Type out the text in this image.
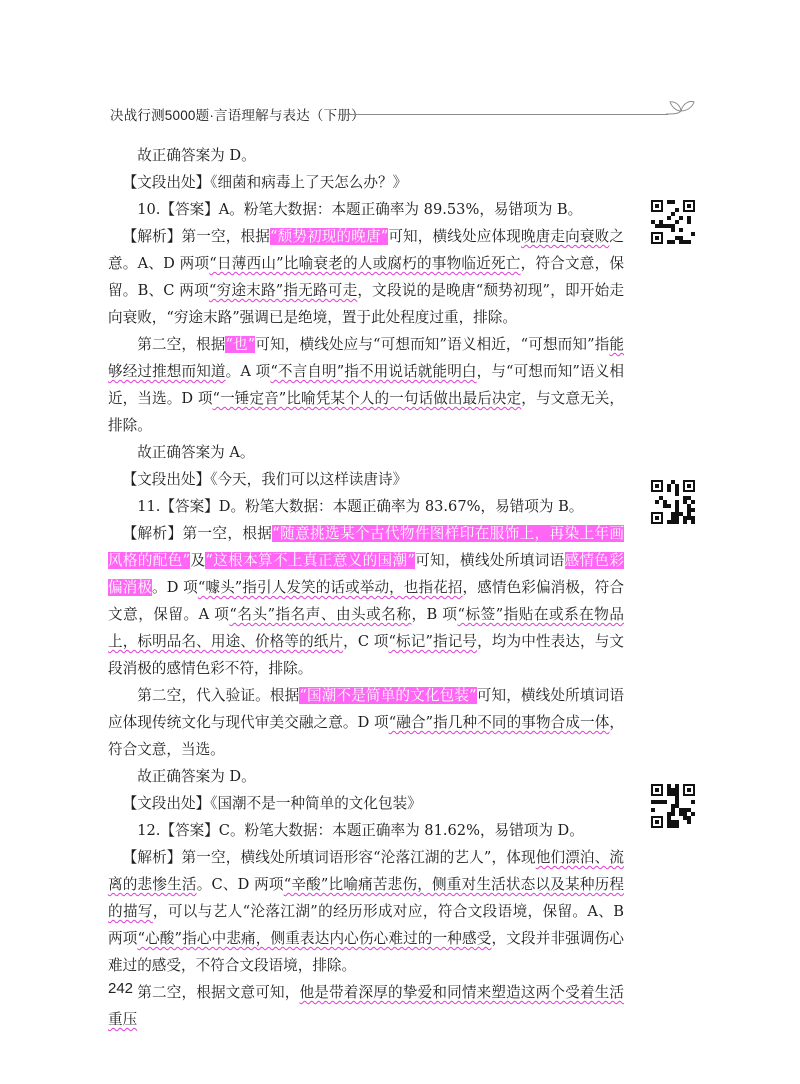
决战行测5000题·言语理解与表达（下册）

故正确答案为 D。

【文段出处】《细菌和病毒上了天怎么办？》

10.【答案】A。粉笔大数据：本题正确率为 89.53%，易错项为 B。

【解析】第一空，根据“颓势初现的晚唐”可知，横线处应体现晚唐走向衰败之意。A、D 两项“日薄西山”比喻衰老的人或腐朽的事物临近死亡，符合文意，保留。B、C 两项“穷途末路”指无路可走，文段说的是晚唐“颓势初现”，即开始走向衰败，“穷途末路”强调已是绝境，置于此处程度过重，排除。

第二空，根据“也”可知，横线处应与“可想而知”语义相近，“可想而知”指能够经过推想而知道。A 项“不言自明”指不用说话就能明白，与“可想而知”语义相近，当选。D 项“一锤定音”比喻凭某个人的一句话做出最后决定，与文意无关，排除。

故正确答案为 A。

【文段出处】《今天，我们可以这样读唐诗》

11.【答案】D。粉笔大数据：本题正确率为 83.67%，易错项为 B。

【解析】第一空，根据“随意挑选某个古代物件图样印在服饰上，再染上年画风格的配色”及“这根本算不上真正意义的国潮”可知，横线处所填词语感情色彩偏消极。D 项“噱头”指引人发笑的话或举动，也指花招，感情色彩偏消极，符合文意，保留。A 项“名头”指名声、由头或名称，B 项“标签”指贴在或系在物品上，标明品名、用途、价格等的纸片，C 项“标记”指记号，均为中性表达，与文段消极的感情色彩不符，排除。

第二空，代入验证。根据“国潮不是简单的文化包装”可知，横线处所填词语应体现传统文化与现代审美交融之意。D 项“融合”指几种不同的事物合成一体，符合文意，当选。

故正确答案为 D。

【文段出处】《国潮不是一种简单的文化包装》

12.【答案】C。粉笔大数据：本题正确率为 81.62%，易错项为 D。

【解析】第一空，横线处所填词语形容“沦落江湖的艺人”，体现他们漂泊、流离的悲惨生活。C、D 两项“辛酸”比喻痛苦悲伤，侧重对生活状态以及某种历程的描写，可以与艺人“沦落江湖”的经历形成对应，符合文段语境，保留。A、B 两项“心酸”指心中悲痛，侧重表达内心伤心难过的一种感受，文段并非强调伤心难过的感受，不符合文段语境，排除。

第二空，根据文意可知，他是带着深厚的挚爱和同情来塑造这两个受着生活重压

242
